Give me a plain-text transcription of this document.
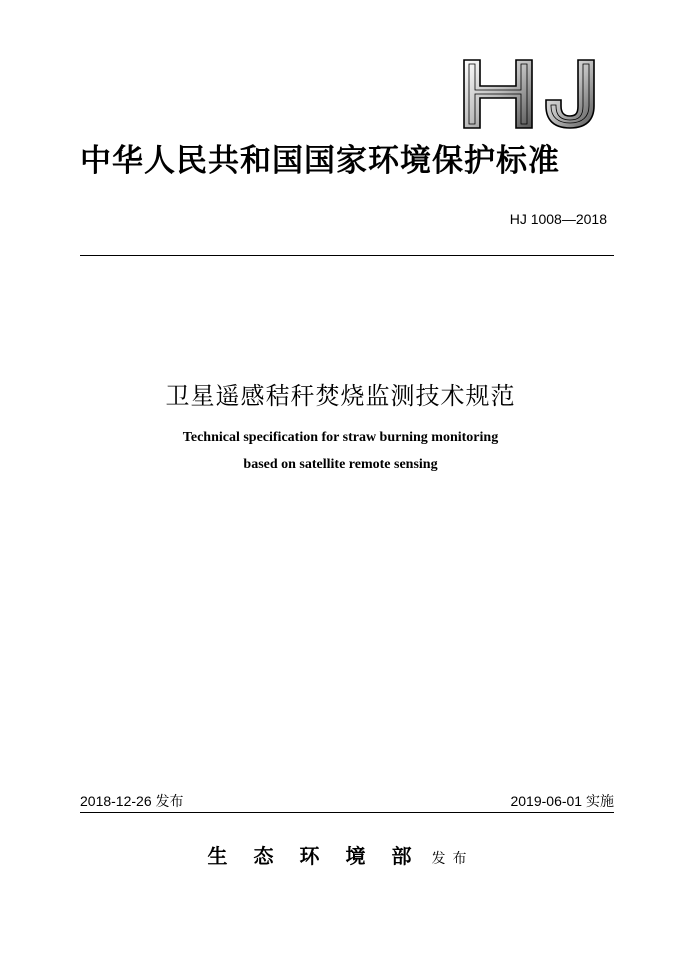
中华人民共和国国家环境保护标准
HJ 1008—2018
卫星遥感秸秆焚烧监测技术规范
Technical specification for straw burning monitoring
based on satellite remote sensing
2018-12-26 发布	2019-06-01 实施
生态环境部发布
